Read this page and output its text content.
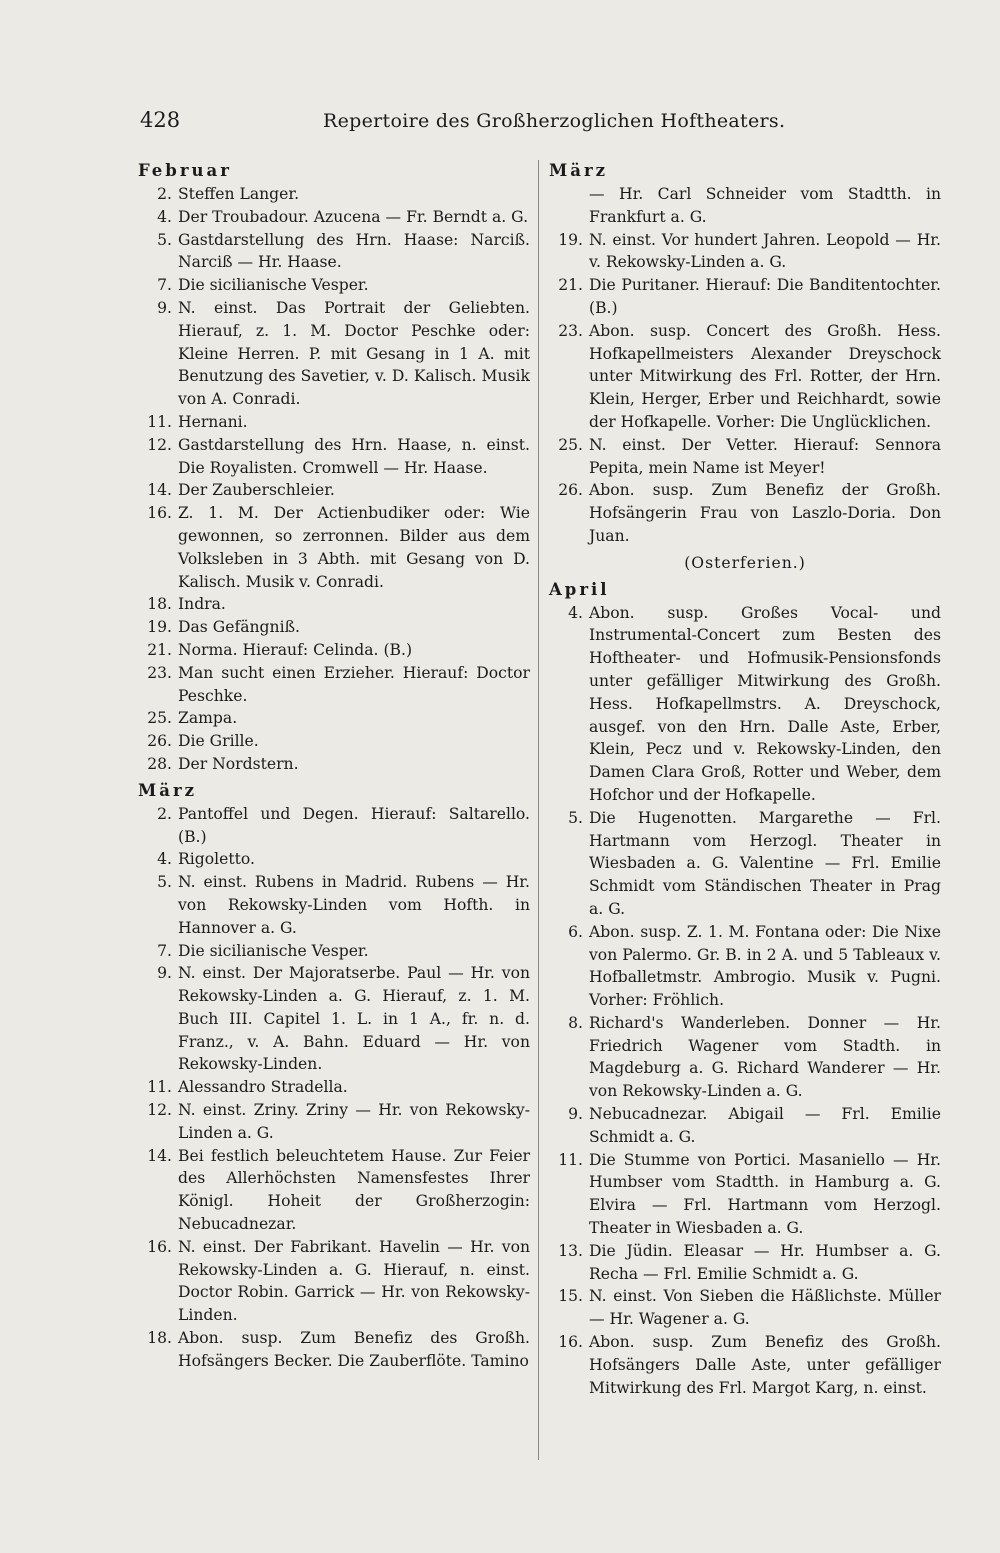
428	Repertoire des Großherzoglichen Hoftheaters.
Februar
2. Steffen Langer.
4. Der Troubadour. Azucena — Fr. Berndt a. G.
5. Gastdarstellung des Hrn. Haase: Narciß. Narciß — Hr. Haase.
7. Die sicilianische Vesper.
9. N. einst. Das Portrait der Geliebten. Hierauf, z. 1. M. Doctor Peschke oder: Kleine Herren. P. mit Gesang in 1 A. mit Benutzung des Savetier, v. D. Kalisch. Musik von A. Conradi.
11. Hernani.
12. Gastdarstellung des Hrn. Haase, n. einst. Die Royalisten. Cromwell — Hr. Haase.
14. Der Zauberschleier.
16. Z. 1. M. Der Actienbudiker oder: Wie gewonnen, so zerronnen. Bilder aus dem Volksleben in 3 Abth. mit Gesang von D. Kalisch. Musik v. Conradi.
18. Indra.
19. Das Gefängniß.
21. Norma. Hierauf: Celinda. (B.)
23. Man sucht einen Erzieher. Hierauf: Doctor Peschke.
25. Zampa.
26. Die Grille.
28. Der Nordstern.
März
2. Pantoffel und Degen. Hierauf: Saltarello. (B.)
4. Rigoletto.
5. N. einst. Rubens in Madrid. Rubens — Hr. von Rekowsky-Linden vom Hofth. in Hannover a. G.
7. Die sicilianische Vesper.
9. N. einst. Der Majoratserbe. Paul — Hr. von Rekowsky-Linden a. G. Hierauf, z. 1. M. Buch III. Capitel 1. L. in 1 A., fr. n. d. Franz., v. A. Bahn. Eduard — Hr. von Rekowsky-Linden.
11. Alessandro Stradella.
12. N. einst. Zriny. Zriny — Hr. von Rekowsky-Linden a. G.
14. Bei festlich beleuchtetem Hause. Zur Feier des Allerhöchsten Namensfestes Ihrer Königl. Hoheit der Großherzogin: Nebucadnezar.
16. N. einst. Der Fabrikant. Havelin — Hr. von Rekowsky-Linden a. G. Hierauf, n. einst. Doctor Robin. Garrick — Hr. von Rekowsky-Linden.
18. Abon. susp. Zum Benefiz des Großh. Hofsängers Becker. Die Zauberflöte. Tamino
März
— Hr. Carl Schneider vom Stadtth. in Frankfurt a. G.
19. N. einst. Vor hundert Jahren. Leopold — Hr. v. Rekowsky-Linden a. G.
21. Die Puritaner. Hierauf: Die Banditentochter. (B.)
23. Abon. susp. Concert des Großh. Hess. Hofkapellmeisters Alexander Dreyschock unter Mitwirkung des Frl. Rotter, der Hrn. Klein, Herger, Erber und Reichhardt, sowie der Hofkapelle. Vorher: Die Unglücklichen.
25. N. einst. Der Vetter. Hierauf: Sennora Pepita, mein Name ist Meyer!
26. Abon. susp. Zum Benefiz der Großh. Hofsängerin Frau von Laszlo-Doria. Don Juan.
(Osterferien.)
April
4. Abon. susp. Großes Vocal- und Instrumental-Concert zum Besten des Hoftheater- und Hofmusik-Pensionsfonds unter gefälliger Mitwirkung des Großh. Hess. Hofkapellmstrs. A. Dreyschock, ausgef. von den Hrn. Dalle Aste, Erber, Klein, Pecz und v. Rekowsky-Linden, den Damen Clara Groß, Rotter und Weber, dem Hofchor und der Hofkapelle.
5. Die Hugenotten. Margarethe — Frl. Hartmann vom Herzogl. Theater in Wiesbaden a. G. Valentine — Frl. Emilie Schmidt vom Ständischen Theater in Prag a. G.
6. Abon. susp. Z. 1. M. Fontana oder: Die Nixe von Palermo. Gr. B. in 2 A. und 5 Tableaux v. Hofballetmstr. Ambrogio. Musik v. Pugni. Vorher: Fröhlich.
8. Richard's Wanderleben. Donner — Hr. Friedrich Wagener vom Stadth. in Magdeburg a. G. Richard Wanderer — Hr. von Rekowsky-Linden a. G.
9. Nebucadnezar. Abigail — Frl. Emilie Schmidt a. G.
11. Die Stumme von Portici. Masaniello — Hr. Humbser vom Stadtth. in Hamburg a. G. Elvira — Frl. Hartmann vom Herzogl. Theater in Wiesbaden a. G.
13. Die Jüdin. Eleasar — Hr. Humbser a. G. Recha — Frl. Emilie Schmidt a. G.
15. N. einst. Von Sieben die Häßlichste. Müller — Hr. Wagener a. G.
16. Abon. susp. Zum Benefiz des Großh. Hofsängers Dalle Aste, unter gefälliger Mitwirkung des Frl. Margot Karg, n. einst.
